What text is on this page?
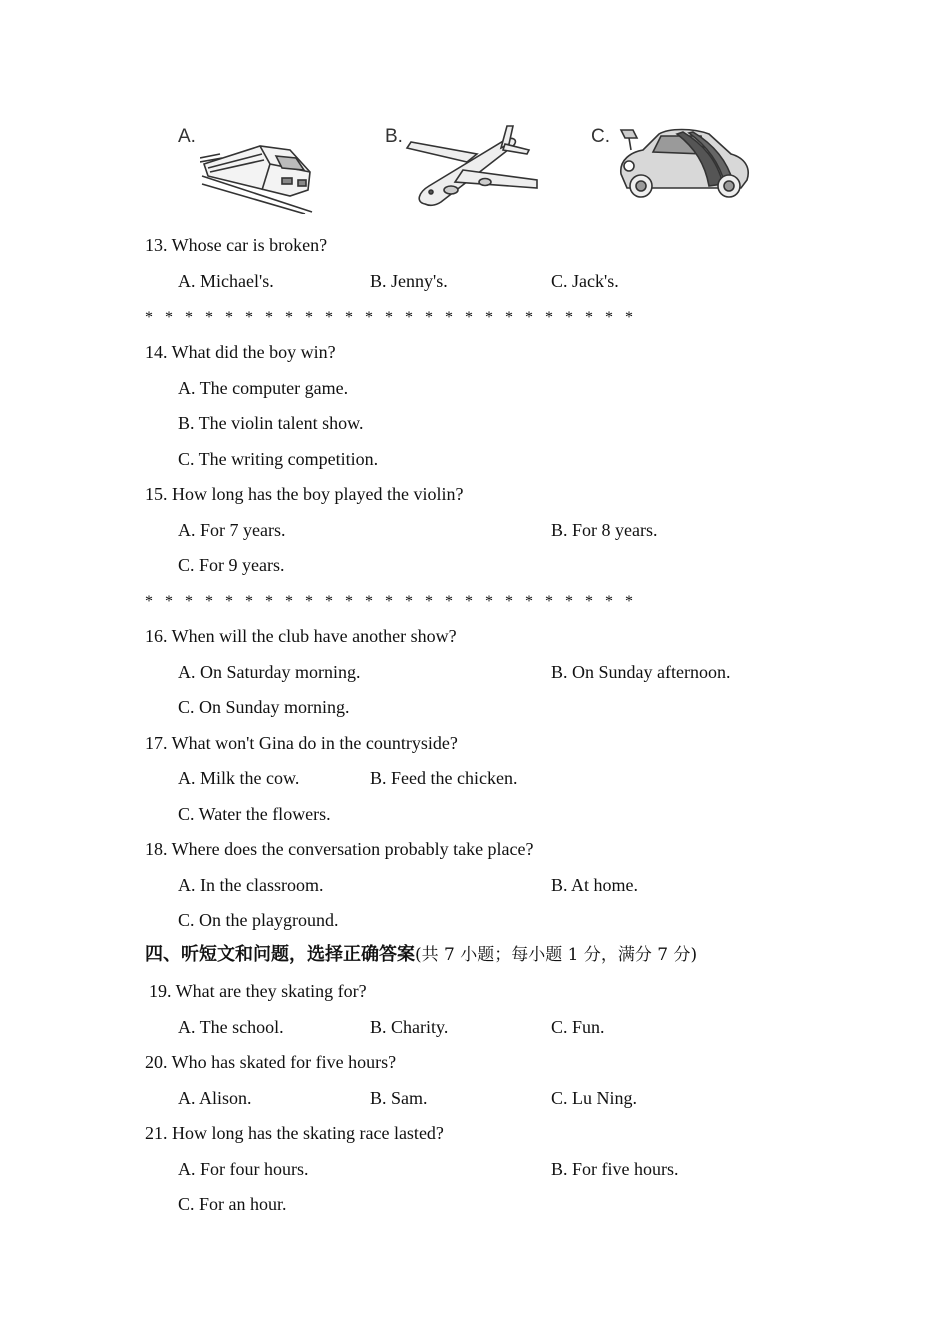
A.	B.	C.
13. Whose car is broken?
A. Michael's.	B. Jenny's.	C. Jack's.
* * * * * * * * * * * * * * * * * * * * * * * * *
14. What did the boy win?
A. The computer game.
B. The violin talent show.
C. The writing competition.
15. How long has the boy played the violin?
A. For 7 years.	B. For 8 years.
C. For 9 years.
* * * * * * * * * * * * * * * * * * * * * * * * *
16. When will the club have another show?
A. On Saturday morning.	B. On Sunday afternoon.
C. On Sunday morning.
17. What won't Gina do in the countryside?
A. Milk the cow.	B. Feed the chicken.
C. Water the flowers.
18. Where does the conversation probably take place?
A. In the classroom.	B. At home.
C. On the playground.
四、听短文和问题，选择正确答案(共 7 小题；每小题 1 分，满分 7 分)
19. What are they skating for?
A. The school.	B. Charity.	C. Fun.
20. Who has skated for five hours?
A. Alison.	B. Sam.	C. Lu Ning.
21. How long has the skating race lasted?
A. For four hours.	B. For five hours.
C. For an hour.
